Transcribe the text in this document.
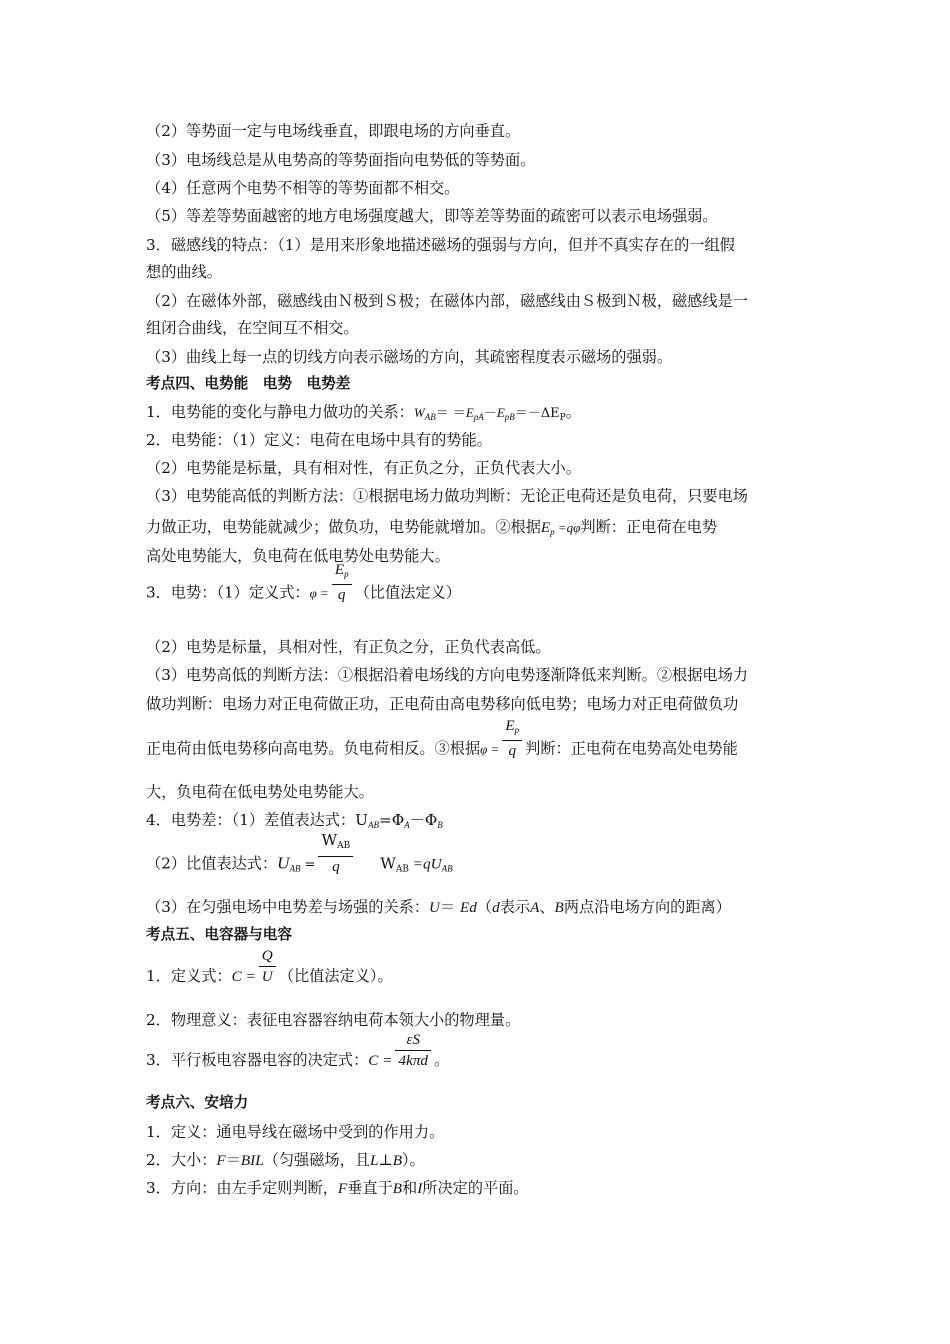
（2）等势面一定与电场线垂直，即跟电场的方向垂直。
（3）电场线总是从电势高的等势面指向电势低的等势面。
（4）任意两个电势不相等的等势面都不相交。
（5）等差等势面越密的地方电场强度越大，即等差等势面的疏密可以表示电场强弱。
3．磁感线的特点：（1）是用来形象地描述磁场的强弱与方向，但并不真实存在的一组假
想的曲线。
（2）在磁体外部，磁感线由Ｎ极到Ｓ极；在磁体内部，磁感线由Ｓ极到Ｎ极，磁感线是一
组闭合曲线，在空间互不相交。
（3）曲线上每一点的切线方向表示磁场的方向，其疏密程度表示磁场的强弱。
考点四、电势能　电势　电势差
1．电势能的变化与静电力做功的关系：$W_{AB}= =E_{pA}-E_{pB}=-\Delta E_P$。
2．电势能：（1）定义：电荷在电场中具有的势能。
（2）电势能是标量，具有相对性，有正负之分，正负代表大小。
（3）电势能高低的判断方法：①根据电场力做功判断：无论正电荷还是负电荷，只要电场
力做正功，电势能就减少；做负功，电势能就增加。②根据$E_p =q\varphi$判断：正电荷在电势
高处电势能大，负电荷在低电势处电势能大。
3．电势：（1）定义式：$\varphi = \frac{E_p}{q}$ （比值法定义）
（2）电势是标量，具相对性，有正负之分，正负代表高低。
（3）电势高低的判断方法：①根据沿着电场线的方向电势逐渐降低来判断。②根据电场力
做功判断：电场力对正电荷做正功，正电荷由高电势移向低电势；电场力对正电荷做负功
正电荷由低电势移向高电势。负电荷相反。③根据$\varphi = \frac{E_p}{q}$ 判断：正电荷在电势高处电势能
大，负电荷在低电势处电势能大。
4．电势差：（1）差值表达式：$U_{AB}=\Phi_A-\Phi_B$
（2）比值表达式：$U_{AB} = \frac{W_{AB}}{q} W_{AB} =qU_{AB}$
（3）在匀强电场中电势差与场强的关系：U＝ Ed（d表示A、B两点沿电场方向的距离）
考点五、电容器与电容
1．定义式：$C = \frac{Q}{U}$ （比值法定义）。
2．物理意义：表征电容器容纳电荷本领大小的物理量。
3．平行板电容器电容的决定式：$C = \frac{\varepsilon S}{\text{4kπd}}$ 。
考点六、安培力
1．定义：通电导线在磁场中受到的作用力。
2．大小：F＝BIL（匀强磁场，且L⊥B）。
3．方向：由左手定则判断，F垂直于B和I所决定的平面。
